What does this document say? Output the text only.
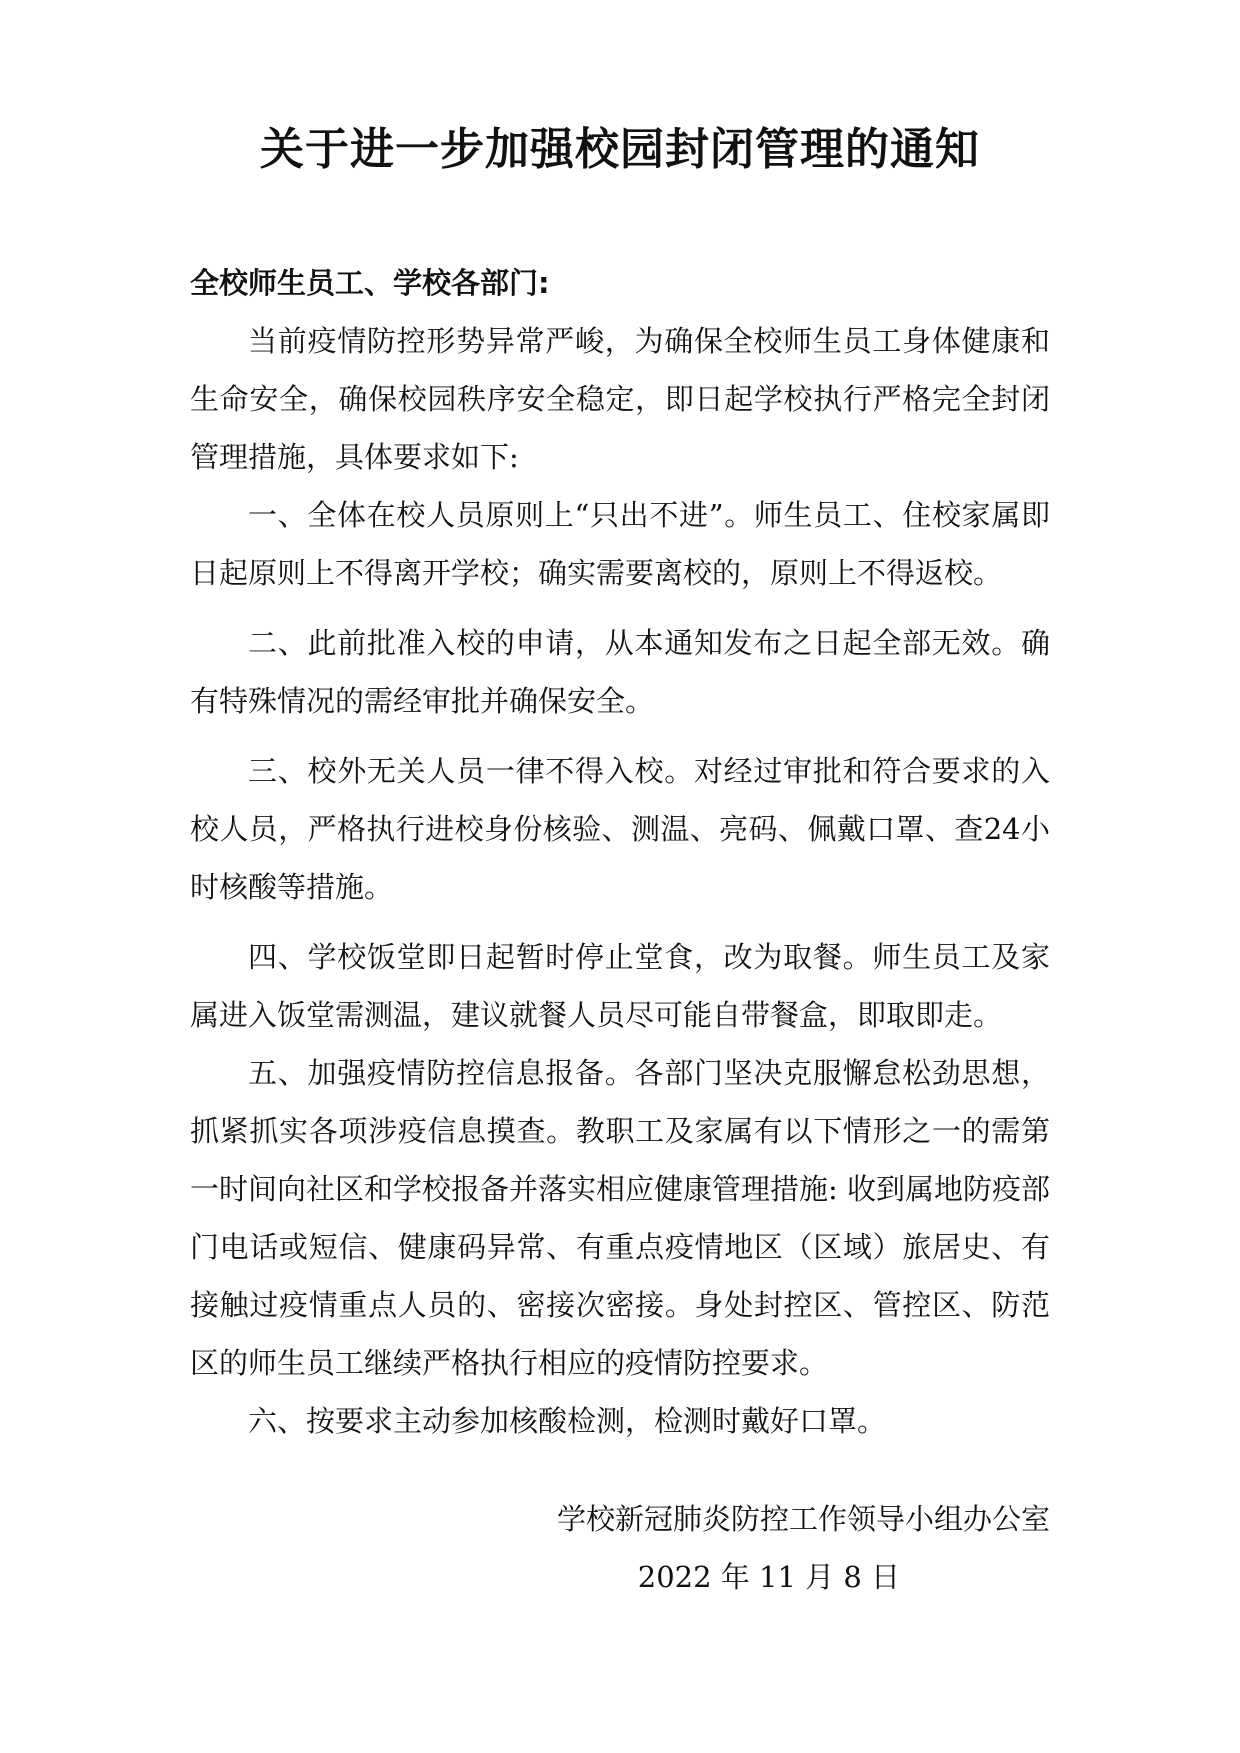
关于进一步加强校园封闭管理的通知

全校师生员工、学校各部门:

当前疫情防控形势异常严峻，为确保全校师生员工身体健康和生命安全，确保校园秩序安全稳定，即日起学校执行严格完全封闭管理措施，具体要求如下:

一、全体在校人员原则上“只出不进”。师生员工、住校家属即日起原则上不得离开学校；确实需要离校的，原则上不得返校。

二、此前批准入校的申请，从本通知发布之日起全部无效。确有特殊情况的需经审批并确保安全。

三、校外无关人员一律不得入校。对经过审批和符合要求的入校人员，严格执行进校身份核验、测温、亮码、佩戴口罩、查24小时核酸等措施。

四、学校饭堂即日起暂时停止堂食，改为取餐。师生员工及家属进入饭堂需测温，建议就餐人员尽可能自带餐盒，即取即走。

五、加强疫情防控信息报备。各部门坚决克服懈怠松劲思想，抓紧抓实各项涉疫信息摸查。教职工及家属有以下情形之一的需第一时间向社区和学校报备并落实相应健康管理措施: 收到属地防疫部门电话或短信、健康码异常、有重点疫情地区（区域）旅居史、有接触过疫情重点人员的、密接次密接。身处封控区、管控区、防范区的师生员工继续严格执行相应的疫情防控要求。

六、按要求主动参加核酸检测，检测时戴好口罩。

学校新冠肺炎防控工作领导小组办公室
2022 年 11 月 8 日
